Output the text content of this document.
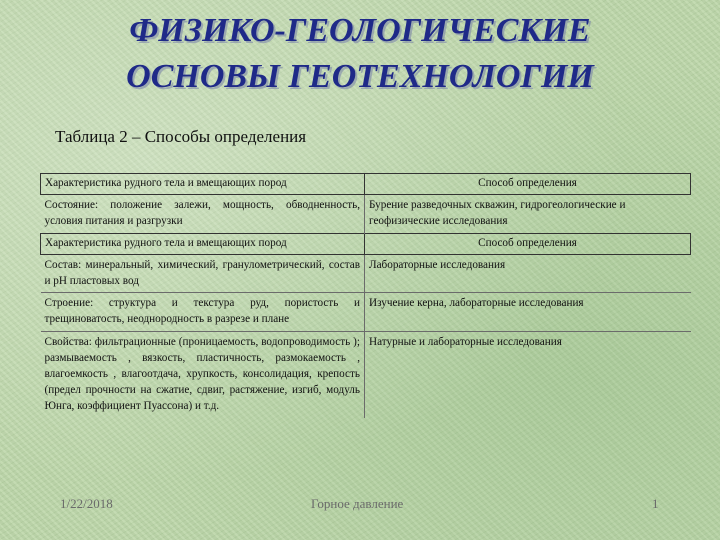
ФИЗИКО-ГЕОЛОГИЧЕСКИЕ
ОСНОВЫ ГЕОТЕХНОЛОГИИ
Таблица 2 – Способы определения
Характеристика рудного тела и вмещающих пород	Способ определения
Состояние: положение залежи, мощность, обводненность, условия питания и разгрузки	Бурение разведочных скважин, гидрогеологические и геофизические исследования
Характеристика рудного тела и вмещающих пород	Способ определения
Состав: минеральный, химический, гранулометрический, состав и pH пластовых вод	Лабораторные исследования
Строение: структура и текстура руд, пористость и трещиноватость, неоднородность в разрезе и плане	Изучение керна, лабораторные исследования
Свойства: фильтрационные (проницаемость, водопроводимость ); размываемость , вязкость, пластичность, размокаемость , влагоемкость , влагоотдача, хрупкость, консолидация, крепость (предел прочности на сжатие, сдвиг, растяжение, изгиб, модуль Юнга, коэффициент Пуассона) и т.д.	Натурные и лабораторные исследования
1/22/2018	Горное давление	1
